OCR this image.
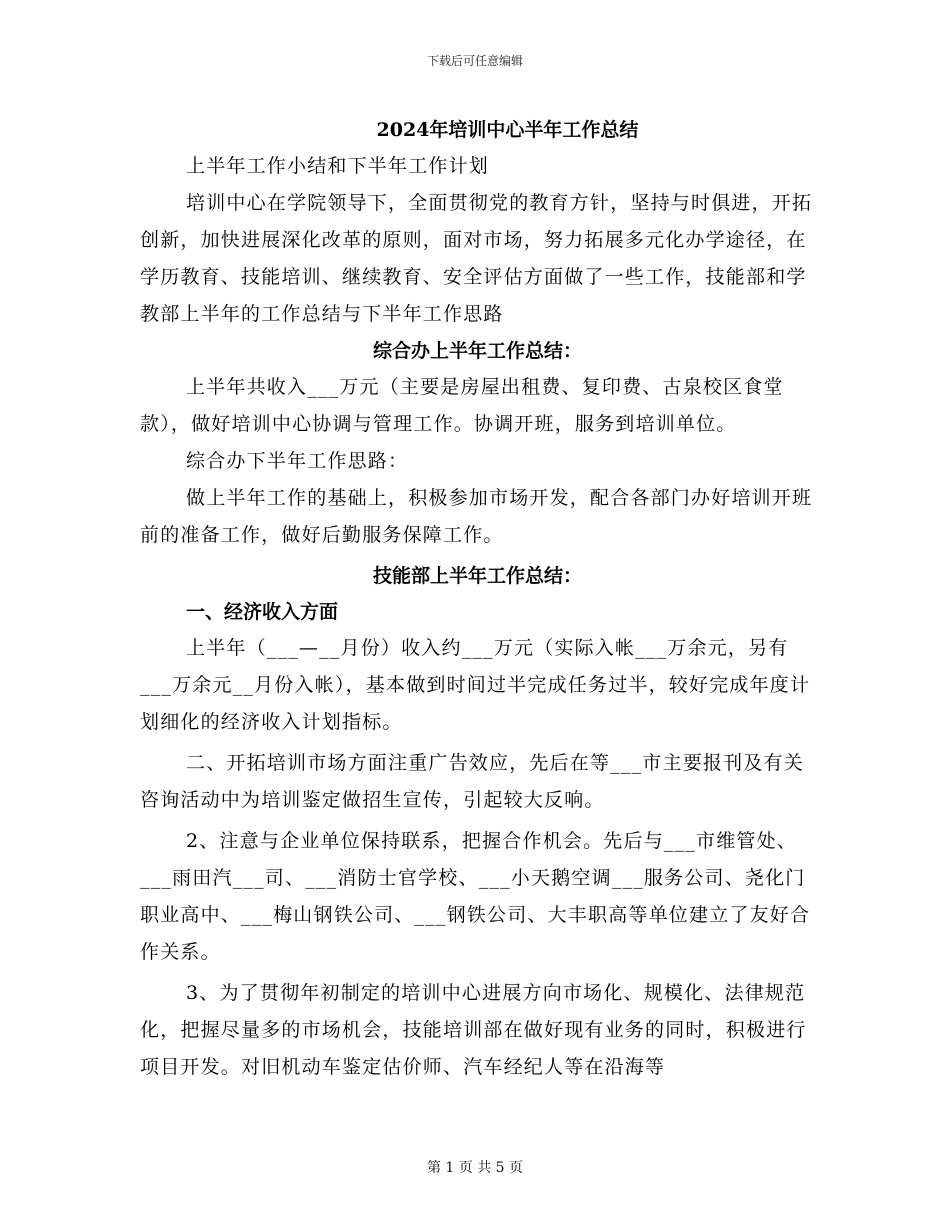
下载后可任意编辑
2024年培训中心半年工作总结

上半年工作小结和下半年工作计划

培训中心在学院领导下，全面贯彻党的教育方针，坚持与时俱进，开拓创新，加快进展深化改革的原则，面对市场，努力拓展多元化办学途径，在学历教育、技能培训、继续教育、安全评估方面做了一些工作，技能部和学教部上半年的工作总结与下半年工作思路

综合办上半年工作总结：

上半年共收入___万元（主要是房屋出租费、复印费、古泉校区食堂款），做好培训中心协调与管理工作。协调开班，服务到培训单位。

综合办下半年工作思路：

做上半年工作的基础上，积极参加市场开发，配合各部门办好培训开班前的准备工作，做好后勤服务保障工作。

技能部上半年工作总结：
一、经济收入方面

上半年（___—__月份）收入约___万元（实际入帐___万余元，另有___万余元__月份入帐），基本做到时间过半完成任务过半，较好完成年度计划细化的经济收入计划指标。

二、开拓培训市场方面注重广告效应，先后在等___市主要报刊及有关咨询活动中为培训鉴定做招生宣传，引起较大反响。

2、注意与企业单位保持联系，把握合作机会。先后与___市维管处、___雨田汽___司、___消防士官学校、___小天鹅空调___服务公司、尧化门职业高中、___梅山钢铁公司、___钢铁公司、大丰职高等单位建立了友好合作关系。

3、为了贯彻年初制定的培训中心进展方向市场化、规模化、法律规范化，把握尽量多的市场机会，技能培训部在做好现有业务的同时，积极进行项目开发。对旧机动车鉴定估价师、汽车经纪人等在沿海等

第 1 页 共 5 页
